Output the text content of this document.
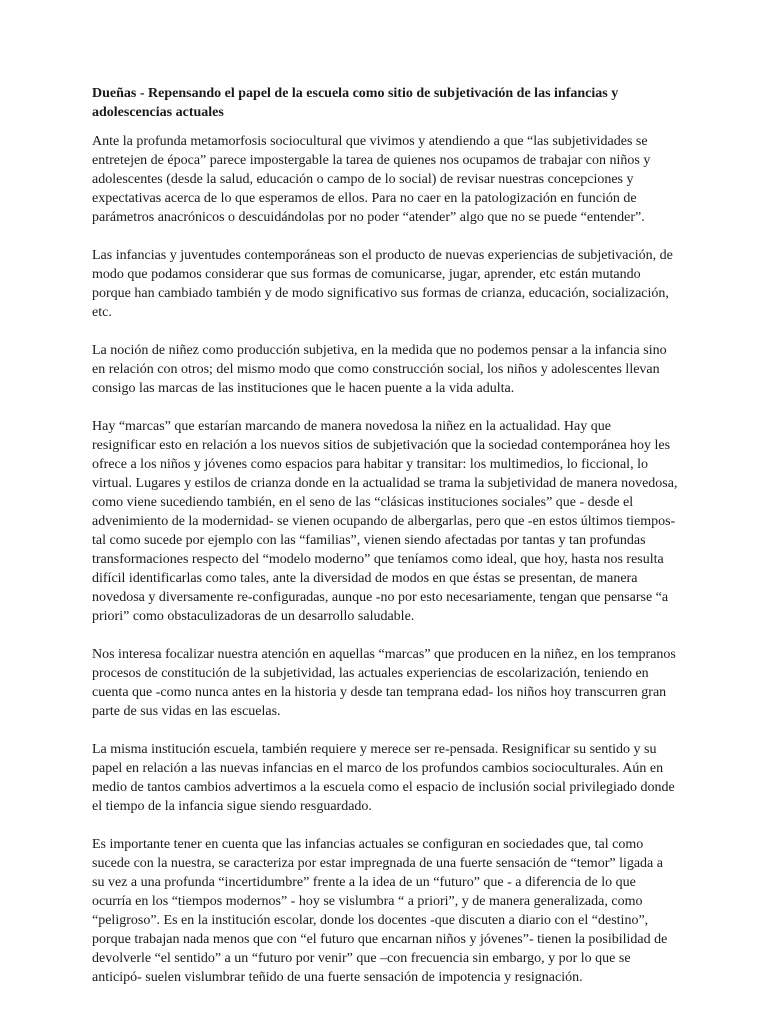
Dueñas - Repensando el papel de la escuela como sitio de subjetivación de las infancias y adolescencias actuales

Ante la profunda metamorfosis sociocultural que vivimos y atendiendo a que “las subjetividades se entretejen de época” parece impostergable la tarea de quienes nos ocupamos de trabajar con niños y adolescentes (desde la salud, educación o campo de lo social) de revisar nuestras concepciones y expectativas acerca de lo que esperamos de ellos. Para no caer en la patologización en función de parámetros anacrónicos o descuidándolas por no poder “atender” algo que no se puede “entender”.

Las infancias y juventudes contemporáneas son el producto de nuevas experiencias de subjetivación, de modo que podamos considerar que sus formas de comunicarse, jugar, aprender, etc están mutando porque han cambiado también y de modo significativo sus formas de crianza, educación, socialización, etc.

La noción de niñez como producción subjetiva, en la medida que no podemos pensar a la infancia sino en relación con otros; del mismo modo que como construcción social, los niños y adolescentes llevan consigo las marcas de las instituciones que le hacen puente a la vida adulta.

Hay “marcas” que estarían marcando de manera novedosa la niñez en la actualidad. Hay que resignificar esto en relación a los nuevos sitios de subjetivación que la sociedad contemporánea hoy les ofrece a los niños y jóvenes como espacios para habitar y transitar: los multimedios, lo ficcional, lo virtual. Lugares y estilos de crianza donde en la actualidad se trama la subjetividad de manera novedosa, como viene sucediendo también, en el seno de las “clásicas instituciones sociales” que - desde el advenimiento de la modernidad- se vienen ocupando de albergarlas, pero que -en estos últimos tiempos- tal como sucede por ejemplo con las “familias”, vienen siendo afectadas por tantas y tan profundas transformaciones respecto del “modelo moderno” que teníamos como ideal, que hoy, hasta nos resulta difícil identificarlas como tales, ante la diversidad de modos en que éstas se presentan, de manera novedosa y diversamente re-configuradas, aunque -no por esto necesariamente, tengan que pensarse “a priori” como obstaculizadoras de un desarrollo saludable.

Nos interesa focalizar nuestra atención en aquellas “marcas” que producen en la niñez, en los tempranos procesos de constitución de la subjetividad, las actuales experiencias de escolarización, teniendo en cuenta que -como nunca antes en la historia y desde tan temprana edad- los niños hoy transcurren gran parte de sus vidas en las escuelas.

La misma institución escuela, también requiere y merece ser re-pensada. Resignificar su sentido y su papel en relación a las nuevas infancias en el marco de los profundos cambios socioculturales. Aún en medio de tantos cambios advertimos a la escuela como el espacio de inclusión social privilegiado donde el tiempo de la infancia sigue siendo resguardado.

Es importante tener en cuenta que las infancias actuales se configuran en sociedades que, tal como sucede con la nuestra, se caracteriza por estar impregnada de una fuerte sensación de “temor” ligada a su vez a una profunda “incertidumbre” frente a la idea de un “futuro” que - a diferencia de lo que ocurría en los “tiempos modernos” - hoy se vislumbra “ a priori”, y de manera generalizada, como “peligroso”. Es en la institución escolar, donde los docentes -que discuten a diario con el “destino”, porque trabajan nada menos que con “el futuro que encarnan niños y jóvenes”- tienen la posibilidad de devolverle “el sentido” a un “futuro por venir” que –con frecuencia sin embargo, y por lo que se anticipó- suelen vislumbrar teñido de una fuerte sensación de impotencia y resignación.
